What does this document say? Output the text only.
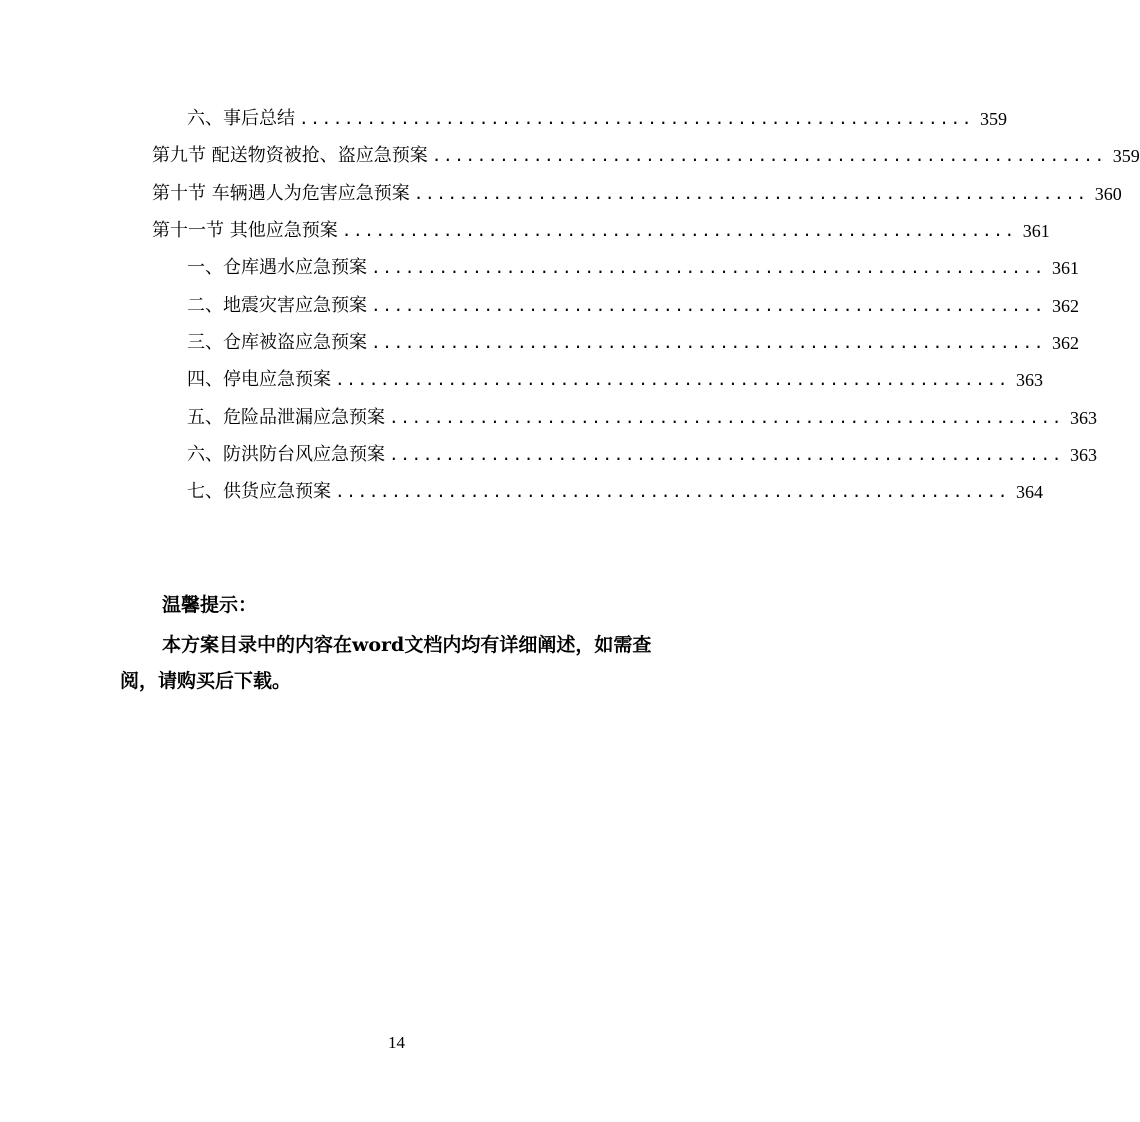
六、事后总结 ............................................................ 359
第九节 配送物资被抢、盗应急预案 ............................................................ 359
第十节 车辆遇人为危害应急预案 ............................................................ 360
第十一节 其他应急预案 ............................................................ 361
一、仓库遇水应急预案 ............................................................ 361
二、地震灾害应急预案 ............................................................ 362
三、仓库被盗应急预案 ............................................................ 362
四、停电应急预案 ............................................................ 363
五、危险品泄漏应急预案 ............................................................ 363
六、防洪防台风应急预案 ............................................................ 363
七、供货应急预案 ............................................................ 364
温馨提示：
本方案目录中的内容在word文档内均有详细阐述，如需查阅，请购买后下载。
14
